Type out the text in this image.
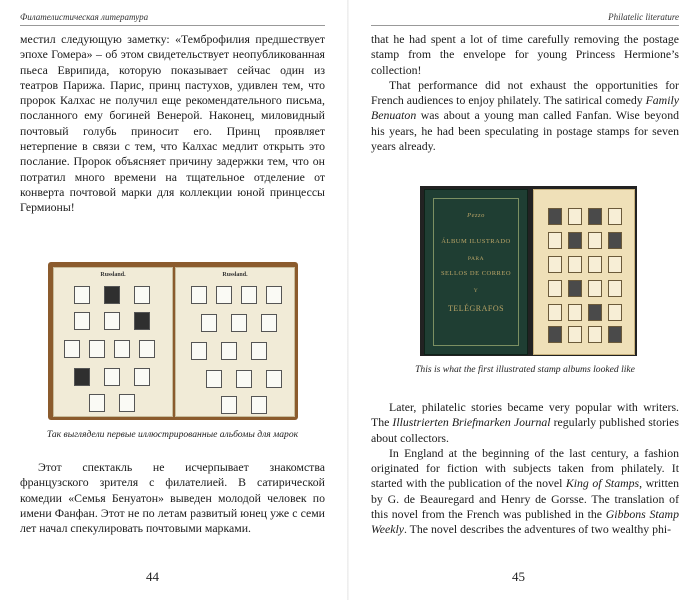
Филателистическая литература

местил следующую заметку: «Темброфилия предшествует эпохе Гомера» – об этом свидетельствует неопубликованная пьеса Еврипида, которую показывает сейчас один из театров Парижа. Парис, принц пастухов, удивлен тем, что пророк Калхас не получил еще рекомендательного письма, посланного ему богиней Венерой. Наконец, миловидный почтовый голубь приносит его. Принц проявляет нетерпение в связи с тем, что Калхас медлит открыть это послание. Пророк объясняет причину задержки тем, что он потратил много времени на тщательное отделение от конверта почтовой марки для коллекции юной принцессы Гермионы!

Russland.	Russland.
Так выглядели первые иллюстрированные альбомы для марок

Этот спектакль не исчерпывает знакомства французского зрителя с филателией. В сатирической комедии «Семья Бенуатон» выведен молодой человек по имени Фанфан. Этот не по летам развитый юнец уже с семи лет начал спекулировать почтовыми марками.

44
Philatelic literature

that he had spent a lot of time carefully removing the postage stamp from the envelope for young Princess Hermione’s collection!

That performance did not exhaust the opportunities for French audiences to enjoy philately. The satirical comedy Family Benuaton was about a young man called Fanfan. Wise beyond his years, he had been speculating in postage stamps for seven years already.

Pezzo
ÁLBUM ILUSTRADO
PARA
SELLOS DE CORREO
Y
TELÉGRAFOS
This is what the first illustrated stamp albums looked like

Later, philatelic stories became very popular with writers. The Illustrierten Briefmarken Journal regularly published stories about collectors.

In England at the beginning of the last century, a fashion originated for fiction with subjects taken from philately. It started with the publication of the novel King of Stamps, written by G. de Beauregard and Henry de Gorsse. The translation of this novel from the French was published in the Gibbons Stamp Weekly. The novel describes the adventures of two wealthy phi-

45
